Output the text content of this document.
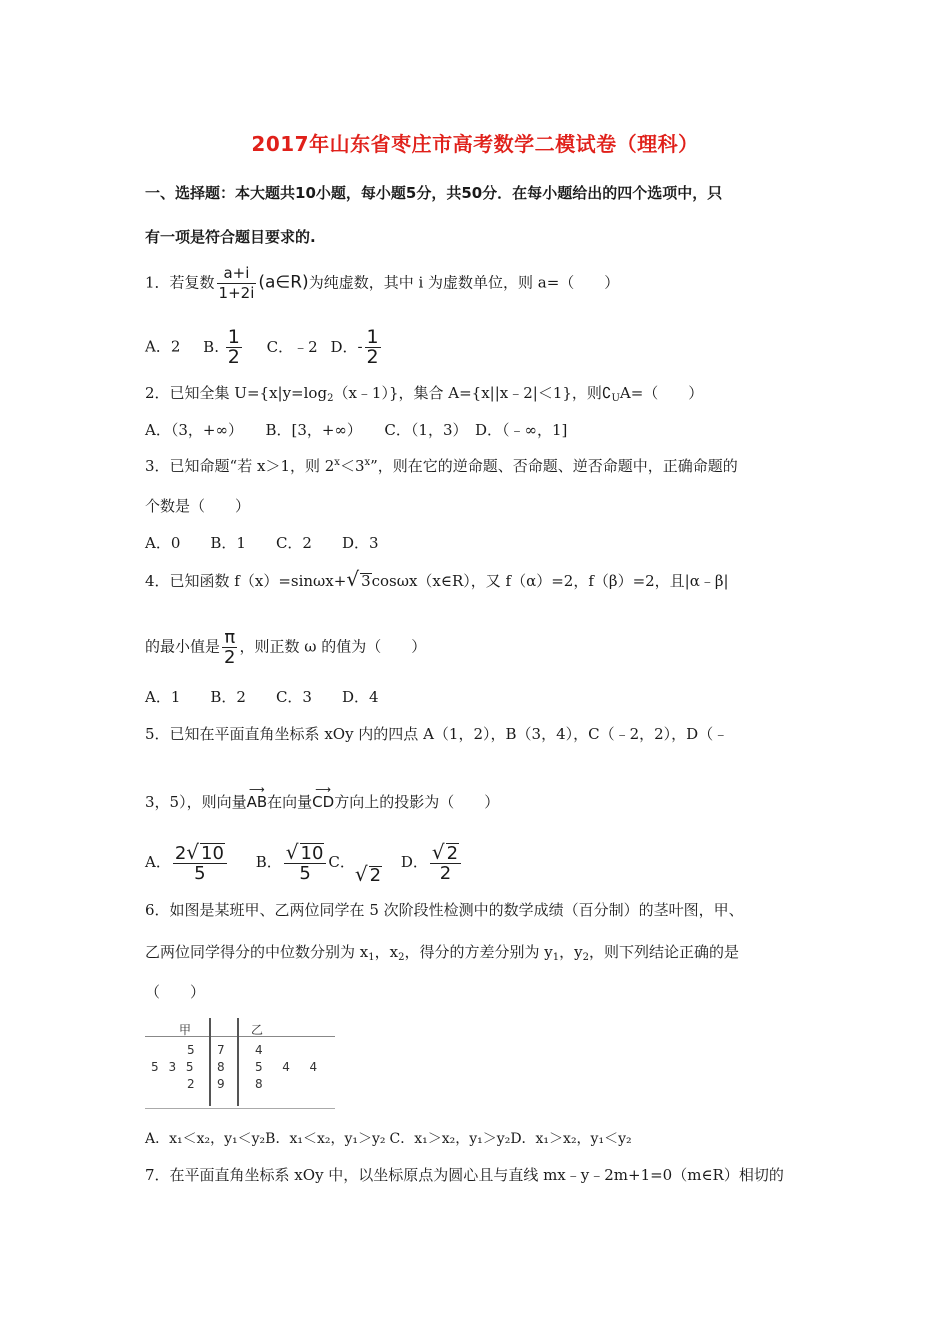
2017年山东省枣庄市高考数学二模试卷（理科）
一、选择题：本大题共10小题，每小题5分，共50分．在每小题给出的四个选项中，只
有一项是符合题目要求的.
1．若复数 $\frac{a+i}{1+2i}$ (a∈R)为纯虚数，其中 i 为虚数单位，则 a=（　　）
A．2 B. $\frac{1}{2}$ C．﹣2 D．- $\frac{1}{2}$
2．已知全集 $U=\{x|y=\log_2(x﹣1)\}$，集合 A={x||x﹣2|＜1}，则$∁_UA=$（　　）
A．（3，+∞）　　B．[3，+∞）　　C．（1，3）　D．（﹣∞，1]
3．已知命题“若 x＞1，则 $2^x<3^x$”，则在它的逆命题、否命题、逆否命题中，正确命题的
个数是（　　）
A．0　　B．1　　C．2　　D．3
4．已知函数 f（x）=sinωx+√ 3cosωx（x∈R），又 f（α）=2，f（β）=2，且|α﹣β|
的最小值是 $\frac{\pi}{2}$ ，则正数 ω 的值为（　　）
A．1　　B．2　　C．3　　D．4
5．已知在平面直角坐标系 xOy 内的四点 A（1，2），B（3，4），C（﹣2，2），D（﹣
3，5），则向量
⟶
AB在向量
⟶
CD方向上的投影为（　　）
A． $\frac{2√ 10}{5}$ B． $\frac{√ 10}{5}$ C．√ 2 D． $\frac{√ 2}{2}$
6．如图是某班甲、乙两位同学在 5 次阶段性检测中的数学成绩（百分制）的茎叶图，甲、
乙两位同学得分的中位数分别为 $x_1$，$x_2$，得分的方差分别为 $y_1$，$y_2$，则下列结论正确的是
（　　）
甲	乙
7
8
9
5
5 3 5
2
4
5  4  4
8
A．x₁＜x₂，y₁＜y₂B．x₁＜x₂，y₁＞y₂ C．x₁＞x₂，y₁＞y₂D．x₁＞x₂，y₁＜y₂
7．在平面直角坐标系 xOy 中，以坐标原点为圆心且与直线 mx﹣y﹣2m+1=0（m∈R）相切的
